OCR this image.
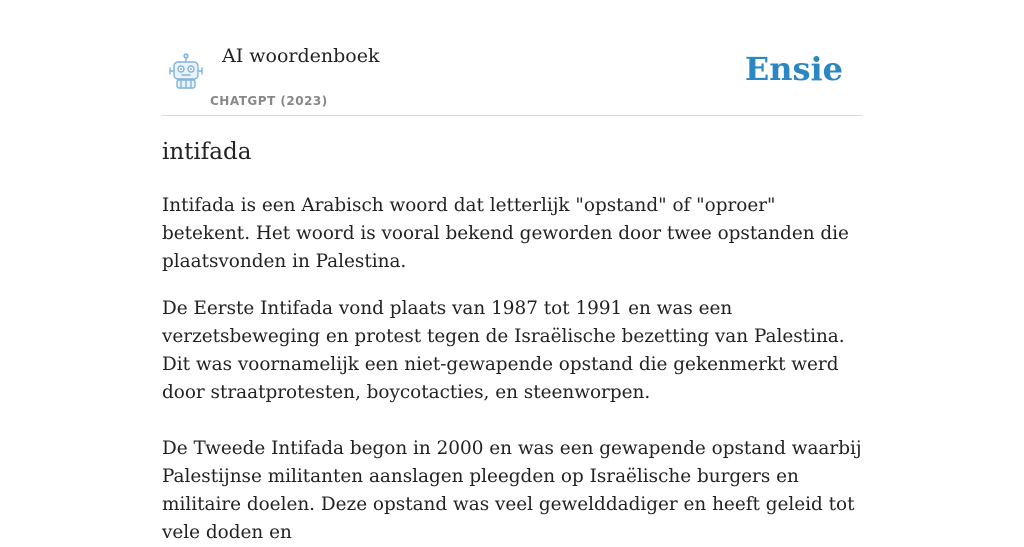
AI woordenboek
CHATGPT (2023)
Ensie
intifada

Intifada is een Arabisch woord dat letterlijk "opstand" of "oproer" betekent. Het woord is vooral bekend geworden door twee opstanden die plaatsvonden in Palestina.

De Eerste Intifada vond plaats van 1987 tot 1991 en was een verzetsbeweging en protest tegen de Israëlische bezetting van Palestina. Dit was voornamelijk een niet-gewapende opstand die gekenmerkt werd door straatprotesten, boycotacties, en steenworpen.

De Tweede Intifada begon in 2000 en was een gewapende opstand waarbij Palestijnse militanten aanslagen pleegden op Israëlische burgers en militaire doelen. Deze opstand was veel gewelddadiger en heeft geleid tot vele doden en
